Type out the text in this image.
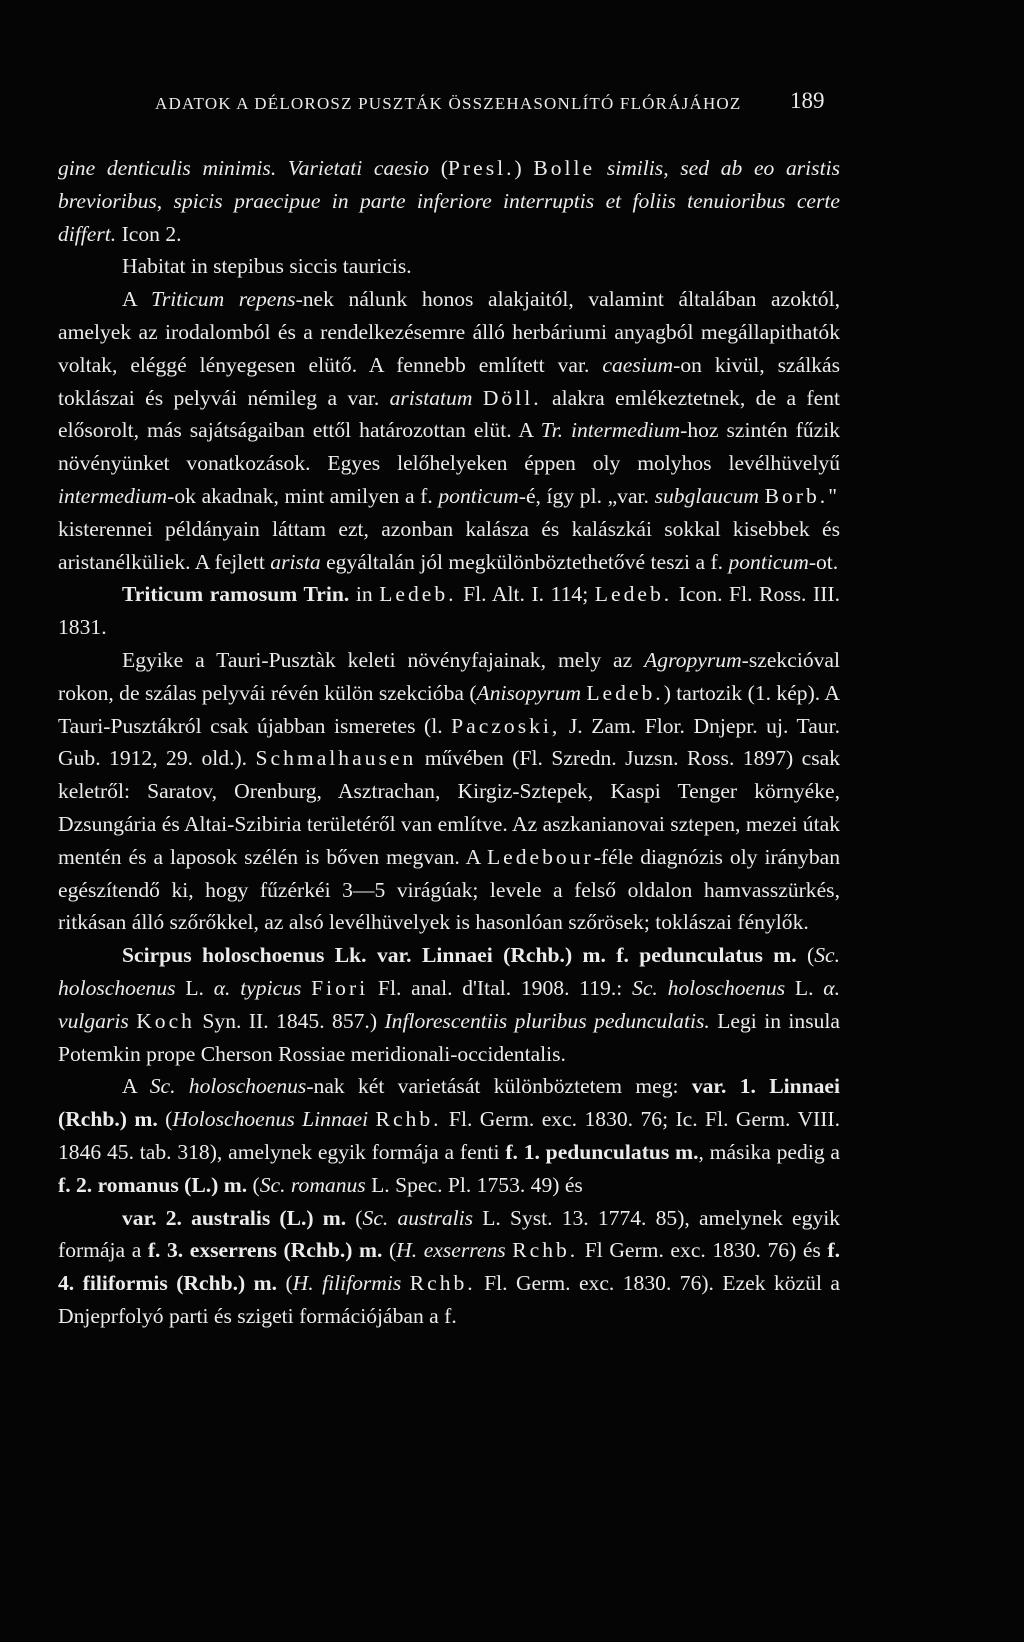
ADATOK A DÉLOROSZ PUSZTÁK ÖSSZEHASONLÍTÓ FLÓRÁJÁHOZ 189

gine denticulis minimis. Varietati caesio (Presl.) Bolle similis, sed ab eo aristis brevioribus, spicis praecipue in parte inferiore interruptis et foliis tenuioribus certe differt. Icon 2.
Habitat in stepibus siccis tauricis.

A Triticum repens-nek nálunk honos alakjaitól, valamint általában azoktól, amelyek az irodalomból és a rendelkezésemre álló herbáriumi anyagból megállapithatók voltak, eléggé lényegesen elütő. A fennebb említett var. caesium-on kivül, szálkás toklászai és pelyvái némileg a var. aristatum Döll. alakra emlékeztetnek, de a fent elősorolt, más sajátságaiban ettől határozottan elüt. A Tr. intermedium-hoz szintén fűzik növényünket vonatkozások. Egyes lelőhelyeken éppen oly molyhos levélhüvelyű intermedium-ok akadnak, mint amilyen a f. ponticum-é, így pl. „var. subglaucum Borb." kisterennei példányain láttam ezt, azonban kalásza és kalászkái sokkal kisebbek és aristanélküliek. A fejlett arista egyáltalán jól megkülönböztethetővé teszi a f. ponticum-ot.

Triticum ramosum Trin. in Ledeb. Fl. Alt. I. 114; Ledeb. Icon. Fl. Ross. III. 1831.

Egyike a Tauri-Pusztàk keleti növényfajainak, mely az Agropyrum-szekcióval rokon, de szálas pelyvái révén külön szekcióba (Anisopyrum Ledeb.) tartozik (1. kép). A Tauri-Pusztákról csak újabban ismeretes (l. Paczoski, J. Zam. Flor. Dnjepr. uj. Taur. Gub. 1912, 29. old.). Schmalhausen művében (Fl. Szredn. Juzsn. Ross. 1897) csak keletről: Saratov, Orenburg, Asztrachan, Kirgiz-Sztepek, Kaspi Tenger környéke, Dzsungária és Altai-Szibiria területéről van említve. Az aszkanianovai sztepen, mezei útak mentén és a laposok szélén is bőven megvan. A Ledebour-féle diagnózis oly irányban egészítendő ki, hogy fűzérkéi 3—5 virágúak; levele a felső oldalon hamvasszürkés, ritkásan álló szőrőkkel, az alsó levélhüvelyek is hasonlóan szőrösek; toklászai fénylők.

Scirpus holoschoenus Lk. var. Linnaei (Rchb.) m. f. pedunculatus m. (Sc. holoschoenus L. α. typicus Fiori Fl. anal. d'Ital. 1908. 119.: Sc. holoschoenus L. α. vulgaris Koch Syn. II. 1845. 857.) Inflorescentiis pluribus pedunculatis. Legi in insula Potemkin prope Cherson Rossiae meridionali-occidentalis.

A Sc. holoschoenus-nak két varietását különböztetem meg: var. 1. Linnaei (Rchb.) m. (Holoschoenus Linnaei Rchb. Fl. Germ. exc. 1830. 76; Ic. Fl. Germ. VIII. 1846 45. tab. 318), amelynek egyik formája a fenti f. 1. pedunculatus m., másika pedig a f. 2. romanus (L.) m. (Sc. romanus L. Spec. Pl. 1753. 49) és

var. 2. australis (L.) m. (Sc. australis L. Syst. 13. 1774. 85), amelynek egyik formája a f. 3. exserrens (Rchb.) m. (H. exserrens Rchb. Fl Germ. exc. 1830. 76) és f. 4. filiformis (Rchb.) m. (H. filiformis Rchb. Fl. Germ. exc. 1830. 76). Ezek közül a Dnjeprfolyó parti és szigeti formációjában a f.
